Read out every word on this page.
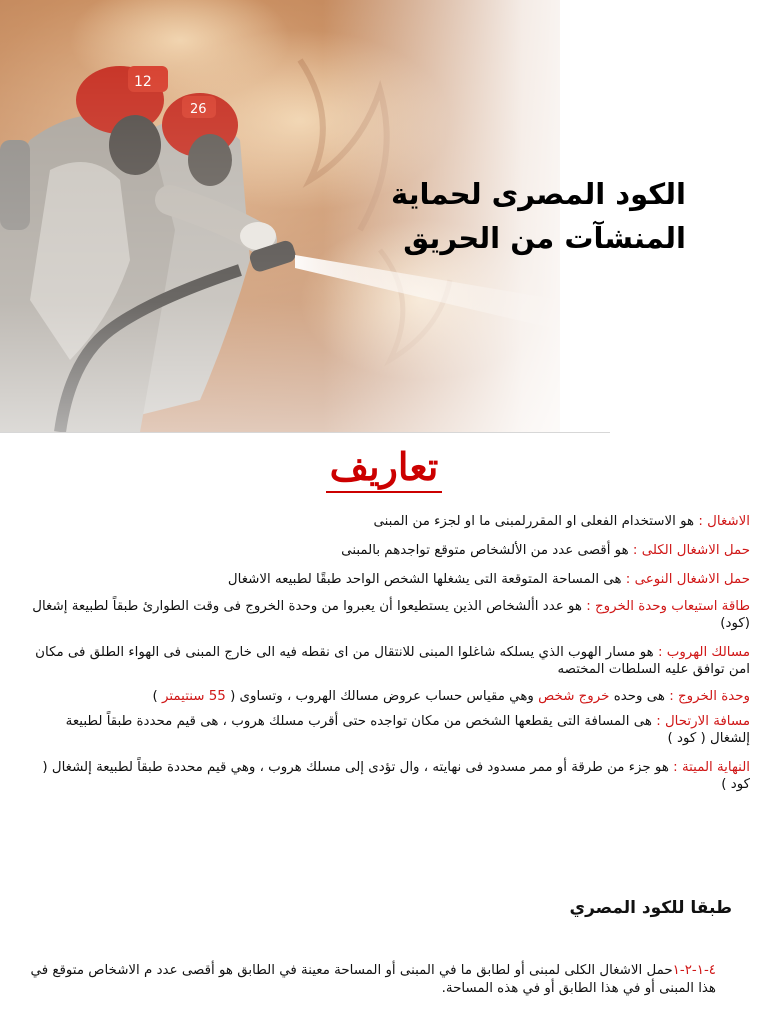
الكود المصرى لحماية
المنشآت من الحريق
تعاريف
الاشغال : هو الاستخدام الفعلى او المقررلمبنى ما او لجزء من المبنى
حمل الاشغال الكلى : هو أقصى عدد من الألشخاص متوقع تواجدهم بالمبنى
حمل الاشغال النوعى : هى المساحة المتوقعة التى يشغلها الشخص الواحد طبقًا لطبيعه الاشغال
طاقة استيعاب وحدة الخروج : هو عدد األشخاص الذين يستطيعوا أن يعبروا من وحدة الخروج فى وقت الطوارئ طبقاً لطبيعة إشغال (كود)
مسالك الهروب : هو مسار الهوب الذي يسلكه شاغلوا المبنى للانتقال من اى نقطه فيه الى خارج المبنى فى الهواء الطلق فى مكان امن توافق عليه السلطات المختصه
وحدة الخروج : هى وحده خروج شخص وهي مقياس حساب عروض مسالك الهروب ، وتساوى ( 55 سنتيمتر )
مسافة الارتحال : هى المسافة التى يقطعها الشخص من مكان تواجده حتى أقرب مسلك هروب ، هى قيم محددة طبقاً لطبيعة إلشغال ( كود )
النهاية الميتة : هو جزء من طرقة أو ممر مسدود فى نهايته ، وال تؤدى إلى مسلك هروب ، وهي قيم محددة طبقاً لطبيعة إلشغال ( كود )
طبقا للكود المصري
٤-١-٢-١حمل الاشغال الكلى لمبنى أو لطابق ما في المبنى أو المساحة معينة في الطابق هو أقصى عدد م الاشخاص متوقع في هذا المبنى أو في هذا الطابق أو في هذه المساحة.
